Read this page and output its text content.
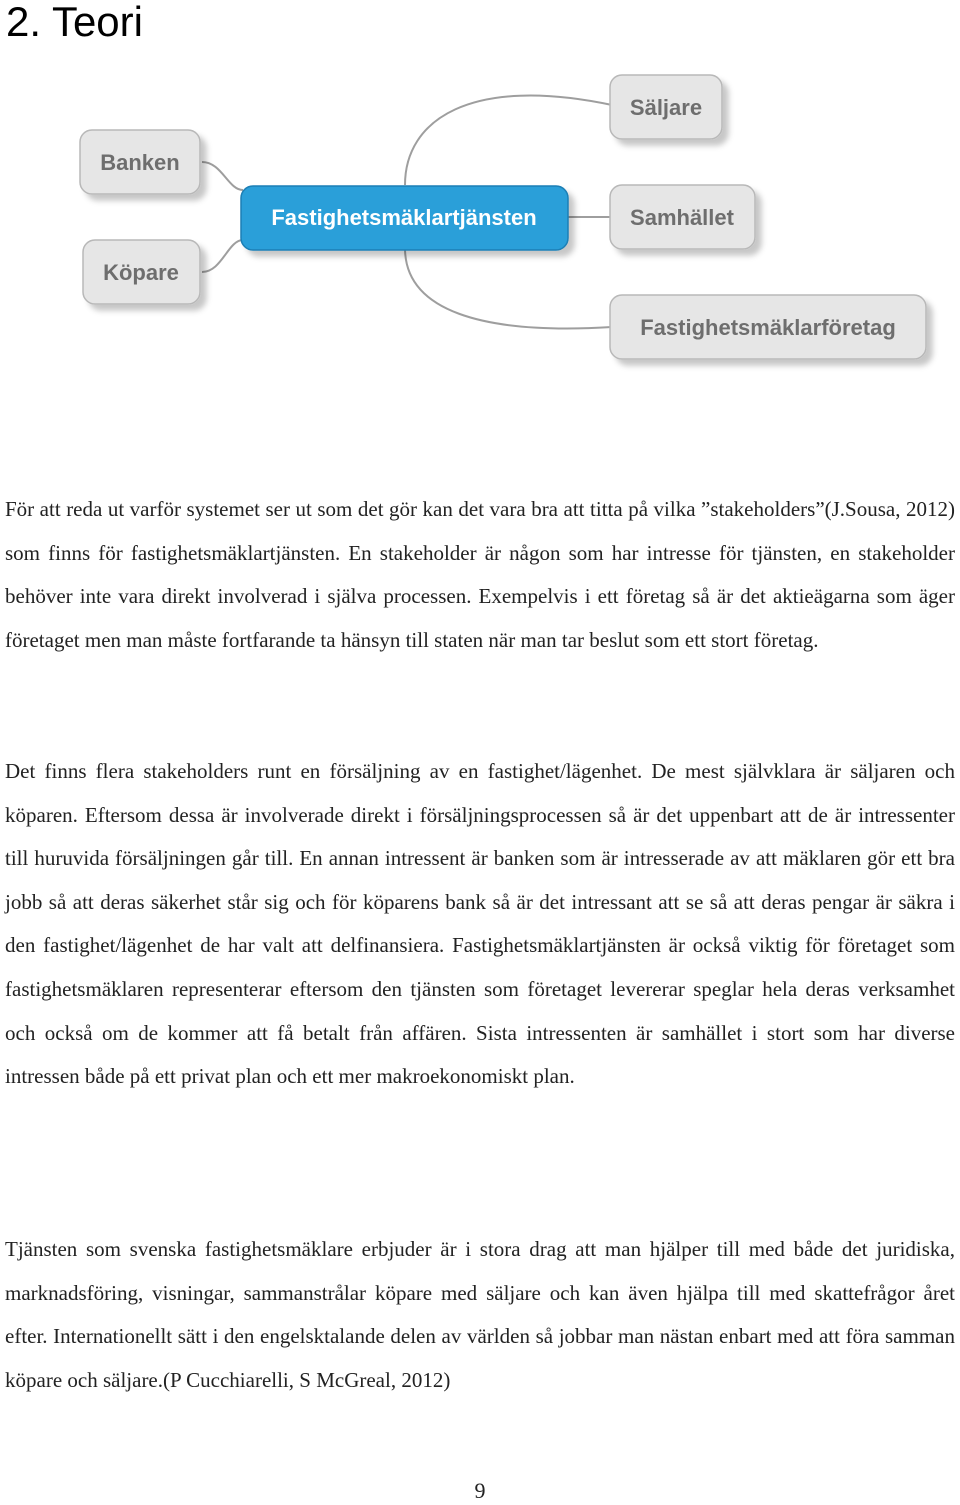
2. Teori
Banken
Köpare
Fastighetsmäklartjänsten
Säljare
Samhället
Fastighetsmäklarföretag

För att reda ut varför systemet ser ut som det gör kan det vara bra att titta på vilka ”stakeholders”(J.Sousa, 2012) som finns för fastighetsmäklartjänsten. En stakeholder är någon som har intresse för tjänsten, en stakeholder behöver inte vara direkt involverad i själva processen. Exempelvis i ett företag så är det aktieägarna som äger företaget men man måste fortfarande ta hänsyn till staten när man tar beslut som ett stort företag.

Det finns flera stakeholders runt en försäljning av en fastighet/lägenhet. De mest självklara är säljaren och köparen. Eftersom dessa är involverade direkt i försäljningsprocessen så är det uppenbart att de är intressenter till huruvida försäljningen går till. En annan intressent är banken som är intresserade av att mäklaren gör ett bra jobb så att deras säkerhet står sig och för köparens bank så är det intressant att se så att deras pengar är säkra i den fastighet/lägenhet de har valt att delfinansiera. Fastighetsmäklartjänsten är också viktig för företaget som fastighetsmäklaren representerar eftersom den tjänsten som företaget levererar speglar hela deras verksamhet och också om de kommer att få betalt från affären. Sista intressenten är samhället i stort som har diverse intressen både på ett privat plan och ett mer makroekonomiskt plan.

Tjänsten som svenska fastighetsmäklare erbjuder är i stora drag att man hjälper till med både det juridiska, marknadsföring, visningar, sammanstrålar köpare med säljare och kan även hjälpa till med skattefrågor året efter. Internationellt sätt i den engelsktalande delen av världen så jobbar man nästan enbart med att föra samman köpare och säljare.(P Cucchiarelli, S McGreal, 2012)

9
